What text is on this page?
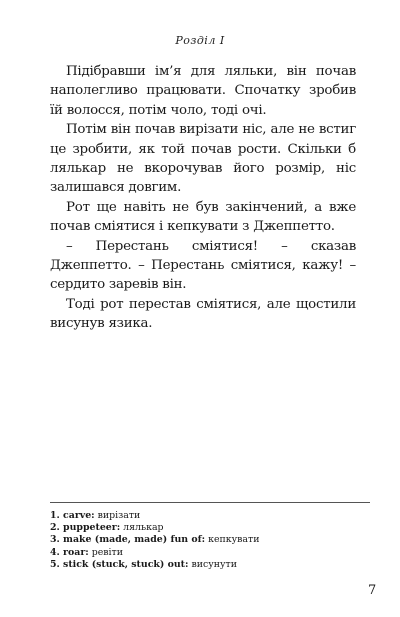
Розділ І

Підібравши ім’я для ляльки, він почав наполегливо працювати. Спочатку зробив їй волосся, потім чоло, тоді очі.

Потім він почав вирізати ніс, але не встиг це зробити, як той почав рости. Скільки б лялькар не вкорочував його розмір, ніс залишався довгим.

Рот ще навіть не був закінчений, а вже почав сміятися і кепкувати з Джеппетто.

– Перестань сміятися! – сказав Джеппетто. – Перестань сміятися, кажу! – сердито заревів він.

Тоді рот перестав сміятися, але щостили висунув язика.

1. carve: вирізати
2. puppeteer: лялькар
3. make (made, made) fun of: кепкувати
4. roar: ревіти
5. stick (stuck, stuck) out: висунути
7
